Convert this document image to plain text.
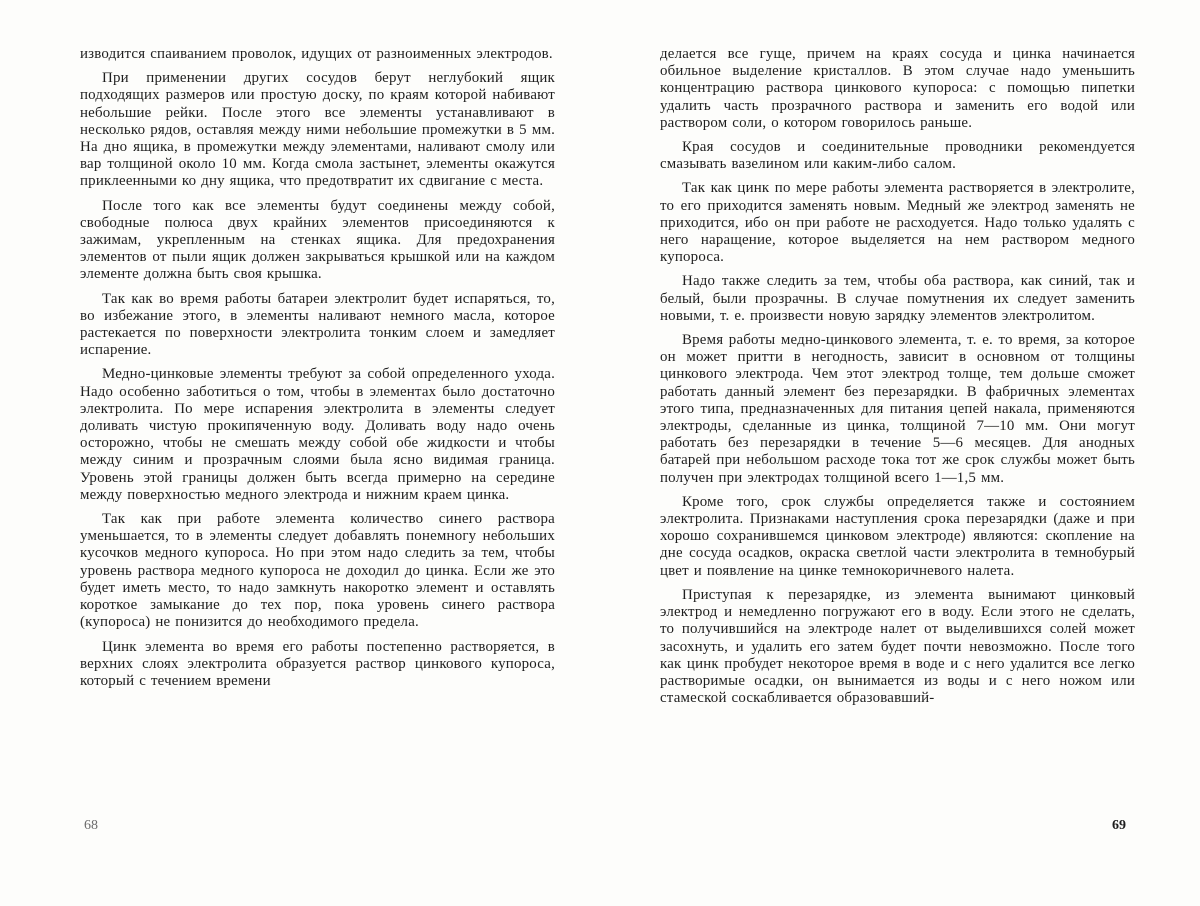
изводится спаиванием проволок, идущих от разноименных электродов.

При применении других сосудов берут неглубокий ящик подходящих размеров или простую доску, по краям которой набивают небольшие рейки. После этого все элементы устанавливают в несколько рядов, оставляя между ними небольшие промежутки в 5 мм. На дно ящика, в промежутки между элементами, наливают смолу или вар толщиной около 10 мм. Когда смола застынет, элементы окажутся приклеенными ко дну ящика, что предотвратит их сдвигание с места.

После того как все элементы будут соединены между собой, свободные полюса двух крайних элементов присоединяются к зажимам, укрепленным на стенках ящика. Для предохранения элементов от пыли ящик должен закрываться крышкой или на каждом элементе должна быть своя крышка.

Так как во время работы батареи электролит будет испаряться, то, во избежание этого, в элементы наливают немного масла, которое растекается по поверхности электролита тонким слоем и замедляет испарение.

Медно-цинковые элементы требуют за собой определенного ухода. Надо особенно заботиться о том, чтобы в элементах было достаточно электролита. По мере испарения электролита в элементы следует доливать чистую прокипяченную воду. Доливать воду надо очень осторожно, чтобы не смешать между собой обе жидкости и чтобы между синим и прозрачным слоями была ясно видимая граница. Уровень этой границы должен быть всегда примерно на середине между поверхностью медного электрода и нижним краем цинка.

Так как при работе элемента количество синего раствора уменьшается, то в элементы следует добавлять понемногу небольших кусочков медного купороса. Но при этом надо следить за тем, чтобы уровень раствора медного купороса не доходил до цинка. Если же это будет иметь место, то надо замкнуть накоротко элемент и оставлять короткое замыкание до тех пор, пока уровень синего раствора (купороса) не понизится до необходимого предела.

Цинк элемента во время его работы постепенно растворяется, в верхних слоях электролита образуется раствор цинкового купороса, который с течением времени

68

делается все гуще, причем на краях сосуда и цинка начинается обильное выделение кристаллов. В этом случае надо уменьшить концентрацию раствора цинкового купороса: с помощью пипетки удалить часть прозрачного раствора и заменить его водой или раствором соли, о котором говорилось раньше.

Края сосудов и соединительные проводники рекомендуется смазывать вазелином или каким-либо салом.

Так как цинк по мере работы элемента растворяется в электролите, то его приходится заменять новым. Медный же электрод заменять не приходится, ибо он при работе не расходуется. Надо только удалять с него наращение, которое выделяется на нем раствором медного купороса.

Надо также следить за тем, чтобы оба раствора, как синий, так и белый, были прозрачны. В случае помутнения их следует заменить новыми, т. е. произвести новую зарядку элементов электролитом.

Время работы медно-цинкового элемента, т. е. то время, за которое он может притти в негодность, зависит в основном от толщины цинкового электрода. Чем этот электрод толще, тем дольше сможет работать данный элемент без перезарядки. В фабричных элементах этого типа, предназначенных для питания цепей накала, применяются электроды, сделанные из цинка, толщиной 7—10 мм. Они могут работать без перезарядки в течение 5—6 месяцев. Для анодных батарей при небольшом расходе тока тот же срок службы может быть получен при электродах толщиной всего 1—1,5 мм.

Кроме того, срок службы определяется также и состоянием электролита. Признаками наступления срока перезарядки (даже и при хорошо сохранившемся цинковом электроде) являются: скопление на дне сосуда осадков, окраска светлой части электролита в темнобурый цвет и появление на цинке темнокоричневого налета.

Приступая к перезарядке, из элемента вынимают цинковый электрод и немедленно погружают его в воду. Если этого не сделать, то получившийся на электроде налет от выделившихся солей может засохнуть, и удалить его затем будет почти невозможно. После того как цинк пробудет некоторое время в воде и с него удалится все легко растворимые осадки, он вынимается из воды и с него ножом или стамеской соскабливается образовавший-

69
